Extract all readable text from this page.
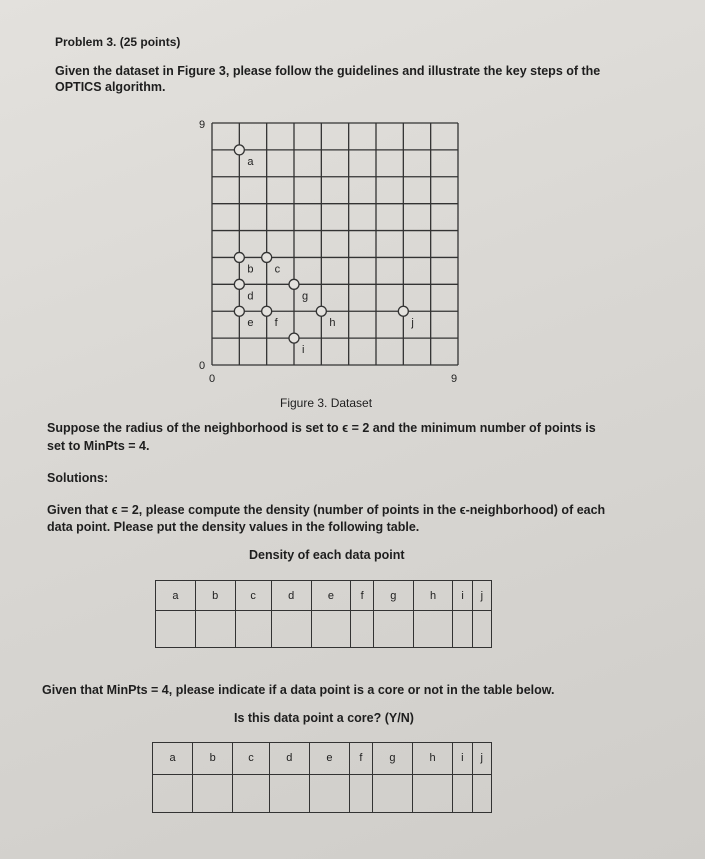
Problem 3. (25 points)
Given the dataset in Figure 3, please follow the guidelines and illustrate the key steps of the
OPTICS algorithm.
9
0
0	9
a
b c
d	g
e f	h	j
i
Figure 3. Dataset
Suppose the radius of the neighborhood is set to ϵ = 2 and the minimum number of points is
set to MinPts = 4.
Solutions:
Given that ϵ = 2, please compute the density (number of points in the ϵ-neighborhood) of each
data point. Please put the density values in the following table.
Density of each data point
a	b	c	d	e	f	g	h	i	j

Given that MinPts = 4, please indicate if a data point is a core or not in the table below.
Is this data point a core? (Y/N)
a	b	c	d	e	f	g	h	i	j
